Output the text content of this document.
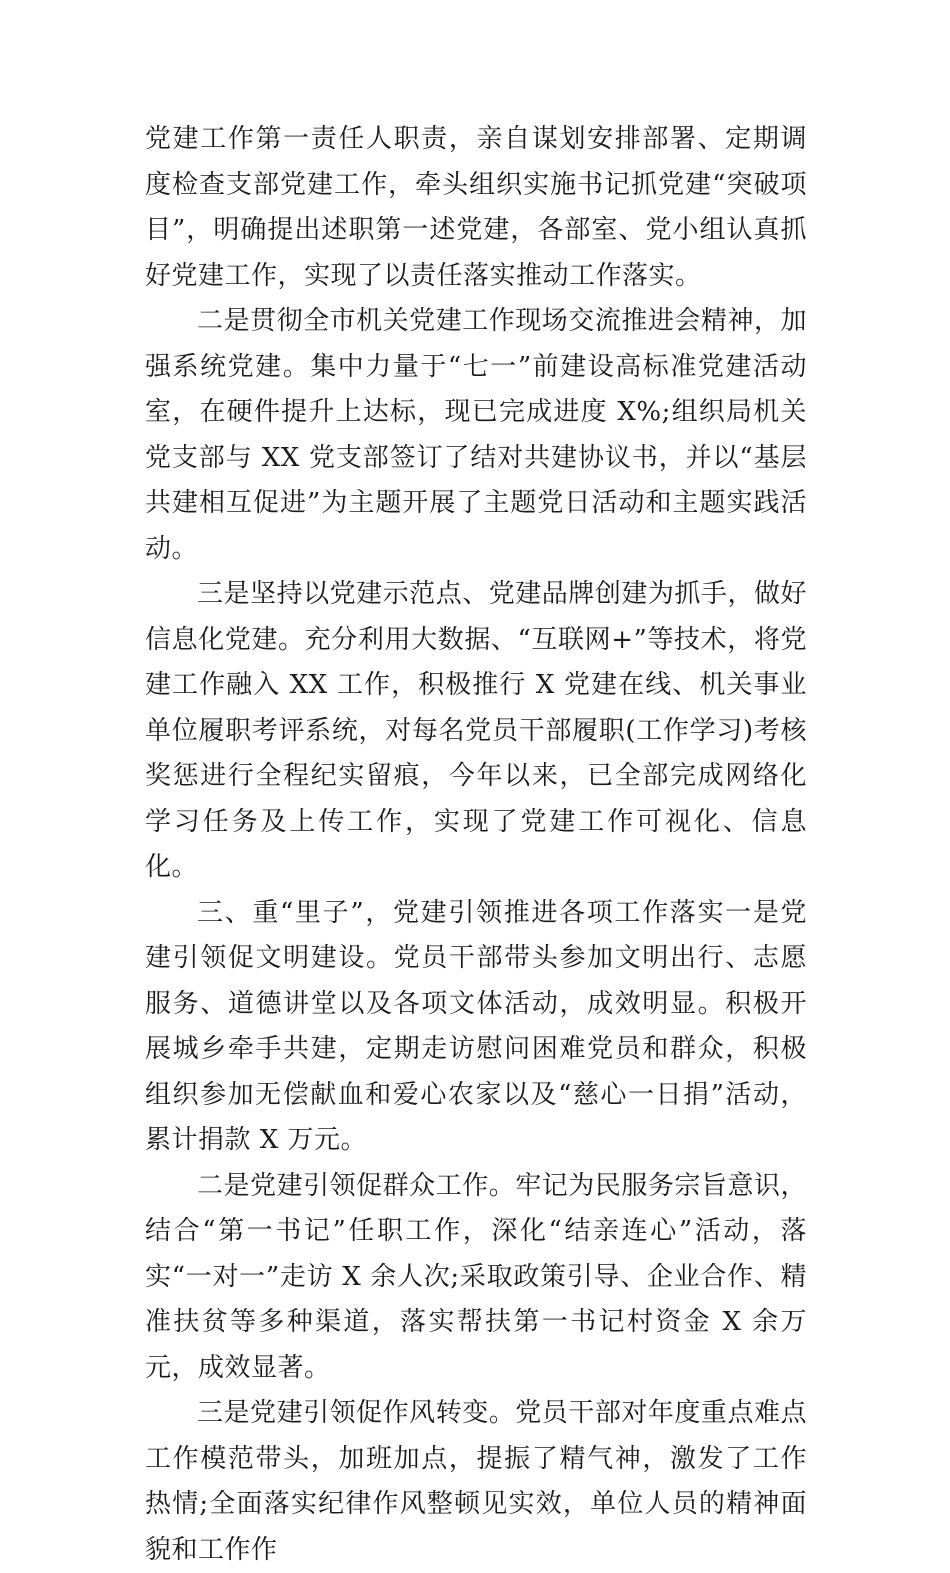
党建工作第一责任人职责，亲自谋划安排部署、定期调度检查支部党建工作，牵头组织实施书记抓党建“突破项目”，明确提出述职第一述党建，各部室、党小组认真抓好党建工作，实现了以责任落实推动工作落实。

二是贯彻全市机关党建工作现场交流推进会精神，加强系统党建。集中力量于“七一”前建设高标准党建活动室，在硬件提升上达标，现已完成进度 X%;组织局机关党支部与 XX 党支部签订了结对共建协议书，并以“基层共建相互促进”为主题开展了主题党日活动和主题实践活动。

三是坚持以党建示范点、党建品牌创建为抓手，做好信息化党建。充分利用大数据、“互联网+”等技术，将党建工作融入 XX 工作，积极推行 X 党建在线、机关事业单位履职考评系统，对每名党员干部履职(工作学习)考核奖惩进行全程纪实留痕，今年以来，已全部完成网络化学习任务及上传工作，实现了党建工作可视化、信息化。

三、重“里子”，党建引领推进各项工作落实一是党建引领促文明建设。党员干部带头参加文明出行、志愿服务、道德讲堂以及各项文体活动，成效明显。积极开展城乡牵手共建，定期走访慰问困难党员和群众，积极组织参加无偿献血和爱心农家以及“慈心一日捐”活动，累计捐款 X 万元。

二是党建引领促群众工作。牢记为民服务宗旨意识，结合“第一书记”任职工作，深化“结亲连心”活动，落实“一对一”走访 X 余人次;采取政策引导、企业合作、精准扶贫等多种渠道，落实帮扶第一书记村资金 X 余万元，成效显著。

三是党建引领促作风转变。党员干部对年度重点难点工作模范带头，加班加点，提振了精气神，激发了工作热情;全面落实纪律作风整顿见实效，单位人员的精神面貌和工作作
